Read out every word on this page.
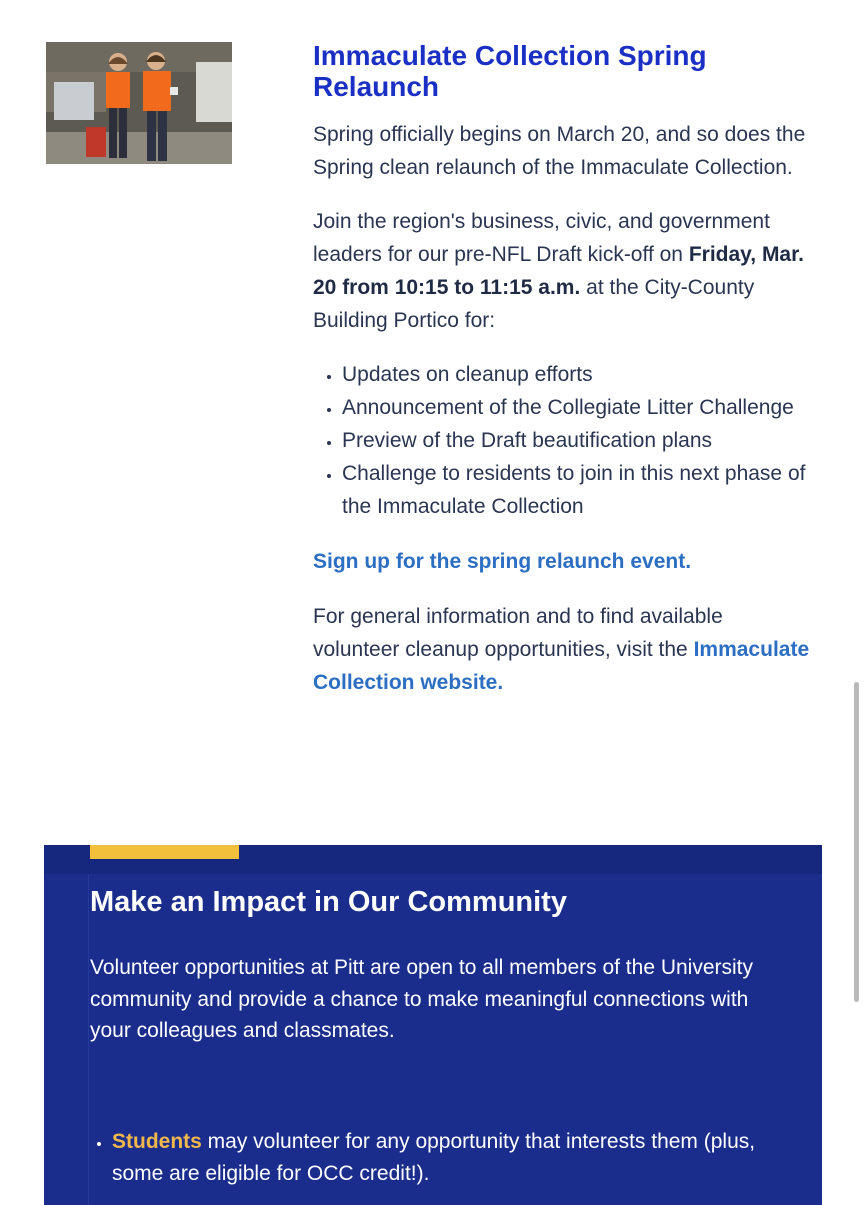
Immaculate Collection Spring Relaunch

Spring officially begins on March 20, and so does the Spring clean relaunch of the Immaculate Collection.

Join the region's business, civic, and government leaders for our pre-NFL Draft kick-off on Friday, Mar. 20 from 10:15 to 11:15 a.m. at the City-County Building Portico for:

• Updates on cleanup efforts
• Announcement of the Collegiate Litter Challenge
• Preview of the Draft beautification plans
• Challenge to residents to join in this next phase of the Immaculate Collection

Sign up for the spring relaunch event.

For general information and to find available volunteer cleanup opportunities, visit the Immaculate Collection website.

Make an Impact in Our Community

Volunteer opportunities at Pitt are open to all members of the University community and provide a chance to make meaningful connections with your colleagues and classmates.

• Students may volunteer for any opportunity that interests them (plus, some are eligible for OCC credit!).
